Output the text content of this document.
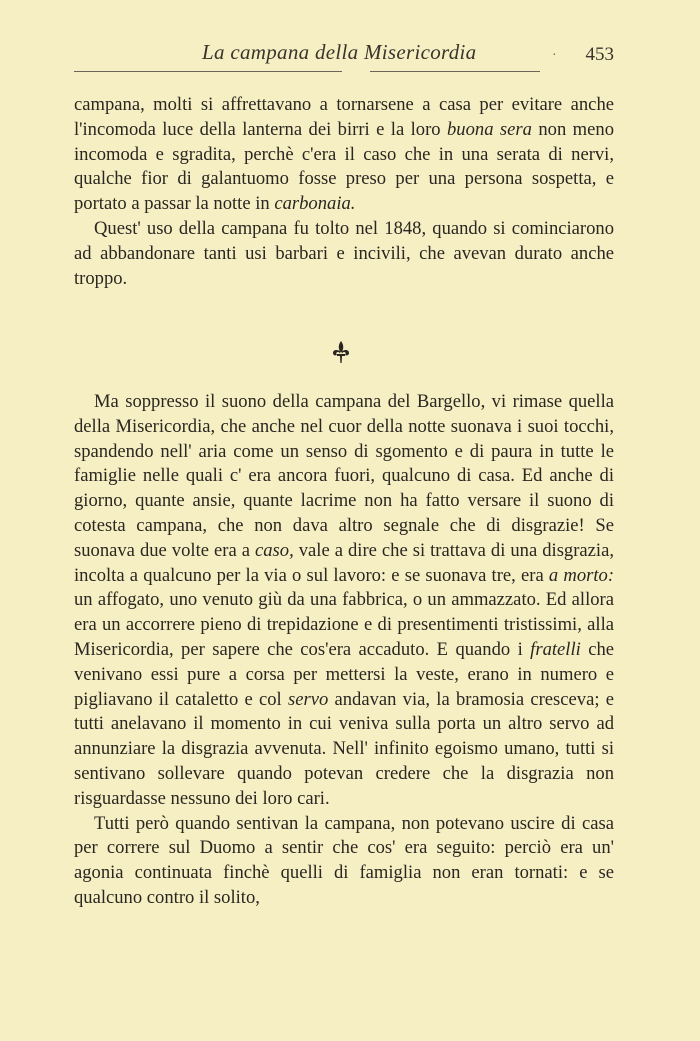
La campana della Misericordia	· 453

campana, molti si affrettavano a tornarsene a casa per evitare anche l'incomoda luce della lanterna dei birri e la loro buona sera non meno incomoda e sgradita, perchè c'era il caso che in una serata di nervi, qualche fior di galantuomo fosse preso per una persona sospetta, e portato a passar la notte in carbonaia.

Quest' uso della campana fu tolto nel 1848, quando si cominciarono ad abbandonare tanti usi barbari e incivili, che avevan durato anche troppo.

Ma soppresso il suono della campana del Bargello, vi rimase quella della Misericordia, che anche nel cuor della notte suonava i suoi tocchi, spandendo nell' aria come un senso di sgomento e di paura in tutte le famiglie nelle quali c' era ancora fuori, qualcuno di casa. Ed anche di giorno, quante ansie, quante lacrime non ha fatto versare il suono di cotesta campana, che non dava altro segnale che di disgrazie! Se suonava due volte era a caso, vale a dire che si trattava di una disgrazia, incolta a qualcuno per la via o sul lavoro: e se suonava tre, era a morto: un affogato, uno venuto giù da una fabbrica, o un ammazzato. Ed allora era un accorrere pieno di trepidazione e di presentimenti tristissimi, alla Misericordia, per sapere che cos'era accaduto. E quando i fratelli che venivano essi pure a corsa per mettersi la veste, erano in numero e pigliavano il cataletto e col servo andavan via, la bramosia cresceva; e tutti anelavano il momento in cui veniva sulla porta un altro servo ad annunziare la disgrazia avvenuta. Nell' infinito egoismo umano, tutti si sentivano sollevare quando potevan credere che la disgrazia non risguardasse nessuno dei loro cari.

Tutti però quando sentivan la campana, non potevano uscire di casa per correre sul Duomo a sentir che cos' era seguito: perciò era un' agonia continuata finchè quelli di famiglia non eran tornati: e se qualcuno contro il solito,
